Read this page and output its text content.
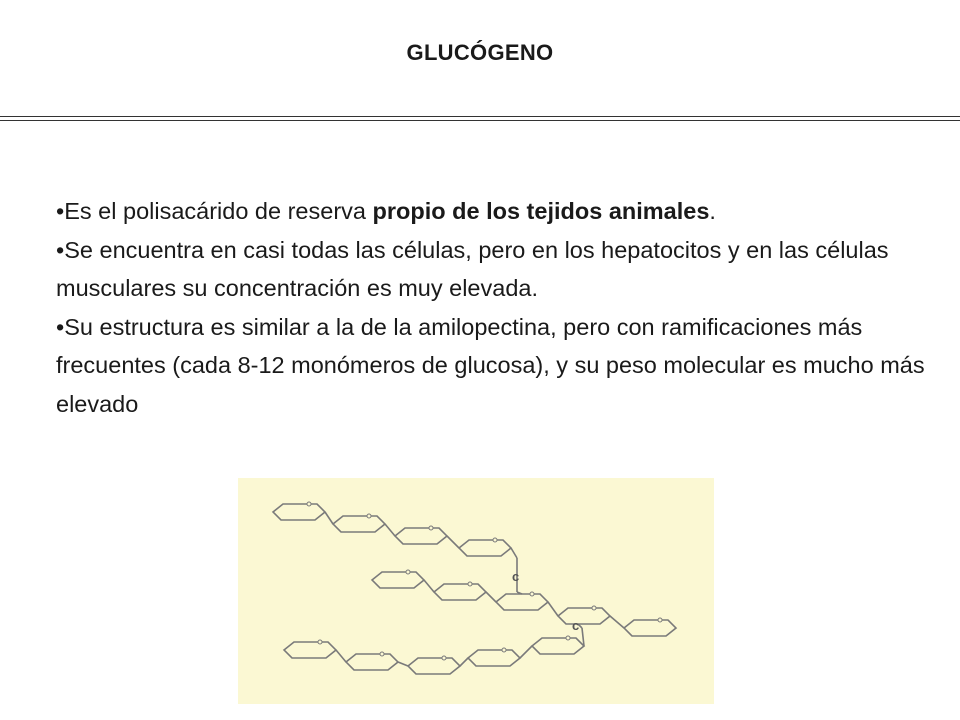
GLUCÓGENO
•Es el polisacárido de reserva propio de los tejidos animales.
•Se encuentra en casi todas las células, pero en los hepatocitos y en las células musculares su concentración es muy elevada.
•Su estructura es similar a la de la amilopectina, pero con ramificaciones más frecuentes (cada 8-12 monómeros de glucosa), y su peso molecular es mucho más elevado
c
c
